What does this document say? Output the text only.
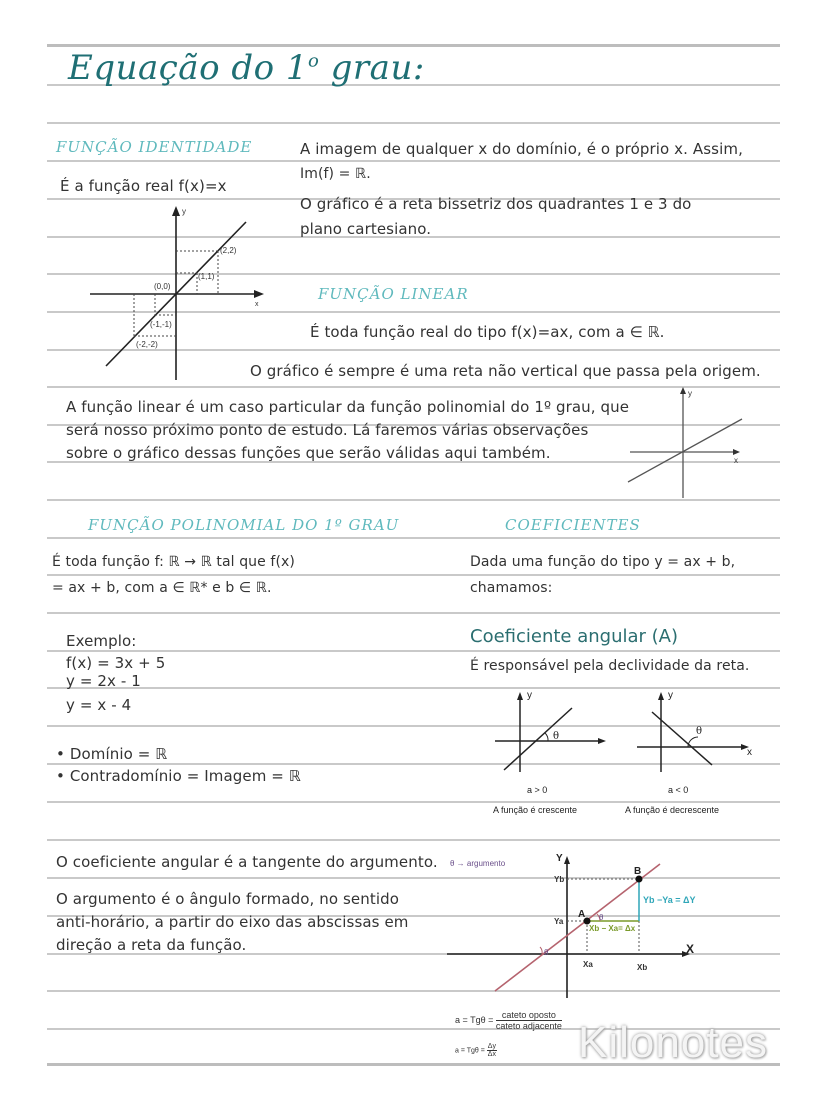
Equação do 1$^o$ grau:
FUNÇÃO IDENTIDADE
É a função real f(x)=x
A imagem de qualquer x do domínio, é o próprio x. Assim,
Im(f) = ℝ.
O gráfico é a reta bissetriz dos quadrantes 1 e 3 do
plano cartesiano.
y
x
(2,2)
(1,1)
(0,0)
(-1,-1)
(-2,-2)
FUNÇÃO LINEAR
É toda função real do tipo f(x)=ax, com a ∈ ℝ.
O gráfico é sempre é uma reta não vertical que passa pela origem.
A função linear é um caso particular da função polinomial do 1º grau, que
será nosso próximo ponto de estudo. Lá faremos várias observações
sobre o gráfico dessas funções que serão válidas aqui também.
y
x
FUNÇÃO POLINOMIAL DO 1º GRAU
É toda função f: ℝ → ℝ tal que f(x)
= ax + b, com a ∈ ℝ* e b ∈ ℝ.
Exemplo:
f(x) = 3x + 5
y = 2x - 1
y = x - 4
• Domínio = ℝ
• Contradomínio = Imagem = ℝ
COEFICIENTES
Dada uma função do tipo y = ax + b,
chamamos:
Coeficiente angular (A)
É responsável pela declividade da reta.
y
θ
a > 0
A função é crescente
y
x
θ
a < 0
A função é decrescente
O coeficiente angular é a tangente do argumento.
O argumento é o ângulo formado, no sentido
anti-horário, a partir do eixo das abscissas em
direção a reta da função.
θ → argumento	Y
X
B
A
Yb
Ya
Xa	Xb
Yb −Ya = ΔY
Xb − Xa= Δx
θ
θ
$a = Tg\theta = \frac{\text{cateto oposto}}{\text{cateto adjacente}}$
$a = Tg\theta = \frac{\Delta y}{\Delta x}$ Kilonotes
